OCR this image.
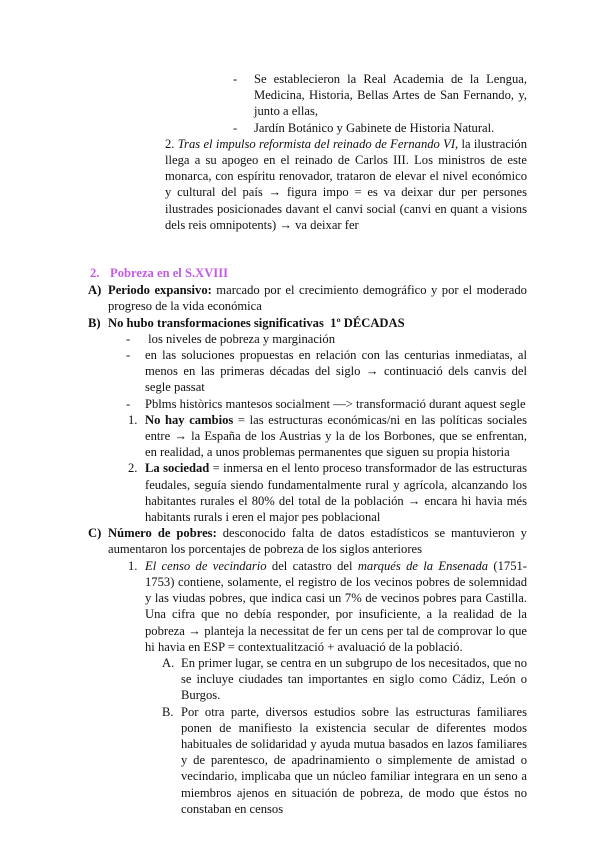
-	Se establecieron la Real Academia de la Lengua, Medicina, Historia, Bellas Artes de San Fernando, y, junto a ellas,
-	Jardín Botánico y Gabinete de Historia Natural.
2. Tras el impulso reformista del reinado de Fernando VI, la ilustración llega a su apogeo en el reinado de Carlos III. Los ministros de este monarca, con espíritu renovador, trataron de elevar el nivel económico y cultural del país → figura impo = es va deixar dur per persones ilustrades posicionades davant el canvi social (canvi en quant a visions dels reis omnipotents) → va deixar fer
2. Pobreza en el S.XVIII
A) Periodo expansivo: marcado por el crecimiento demográfico y por el moderado progreso de la vida económica
B) No hubo transformaciones significativas  1º DÉCADAS
-	los niveles de pobreza y marginación
-	en las soluciones propuestas en relación con las centurias inmediatas, al menos en las primeras décadas del siglo → continuació dels canvis del segle passat
-	Pblms històrics mantesos socialment —> transformació durant aquest segle
1. No hay cambios = las estructuras económicas/ni en las políticas sociales entre → la España de los Austrias y la de los Borbones, que se enfrentan, en realidad, a unos problemas permanentes que siguen su propia historia
2. La sociedad = inmersa en el lento proceso transformador de las estructuras feudales, seguía siendo fundamentalmente rural y agrícola, alcanzando los habitantes rurales el 80% del total de la población → encara hi havia més habitants rurals i eren el major pes poblacional
C) Número de pobres: desconocido falta de datos estadísticos se mantuvieron y aumentaron los porcentajes de pobreza de los siglos anteriores
1. El censo de vecindario del catastro del marqués de la Ensenada (1751-1753) contiene, solamente, el registro de los vecinos pobres de solemnidad y las viudas pobres, que indica casi un 7% de vecinos pobres para Castilla. Una cifra que no debía responder, por insuficiente, a la realidad de la pobreza → planteja la necessitat de fer un cens per tal de comprovar lo que hi havia en ESP = contextualització + avaluació de la població.
A. En primer lugar, se centra en un subgrupo de los necesitados, que no se incluye ciudades tan importantes en siglo como Cádiz, León o Burgos.
B. Por otra parte, diversos estudios sobre las estructuras familiares ponen de manifiesto la existencia secular de diferentes modos habituales de solidaridad y ayuda mutua basados en lazos familiares y de parentesco, de apadrinamiento o simplemente de amistad o vecindario, implicaba que un núcleo familiar integrara en un seno a miembros ajenos en situación de pobreza, de modo que éstos no constaban en censos
